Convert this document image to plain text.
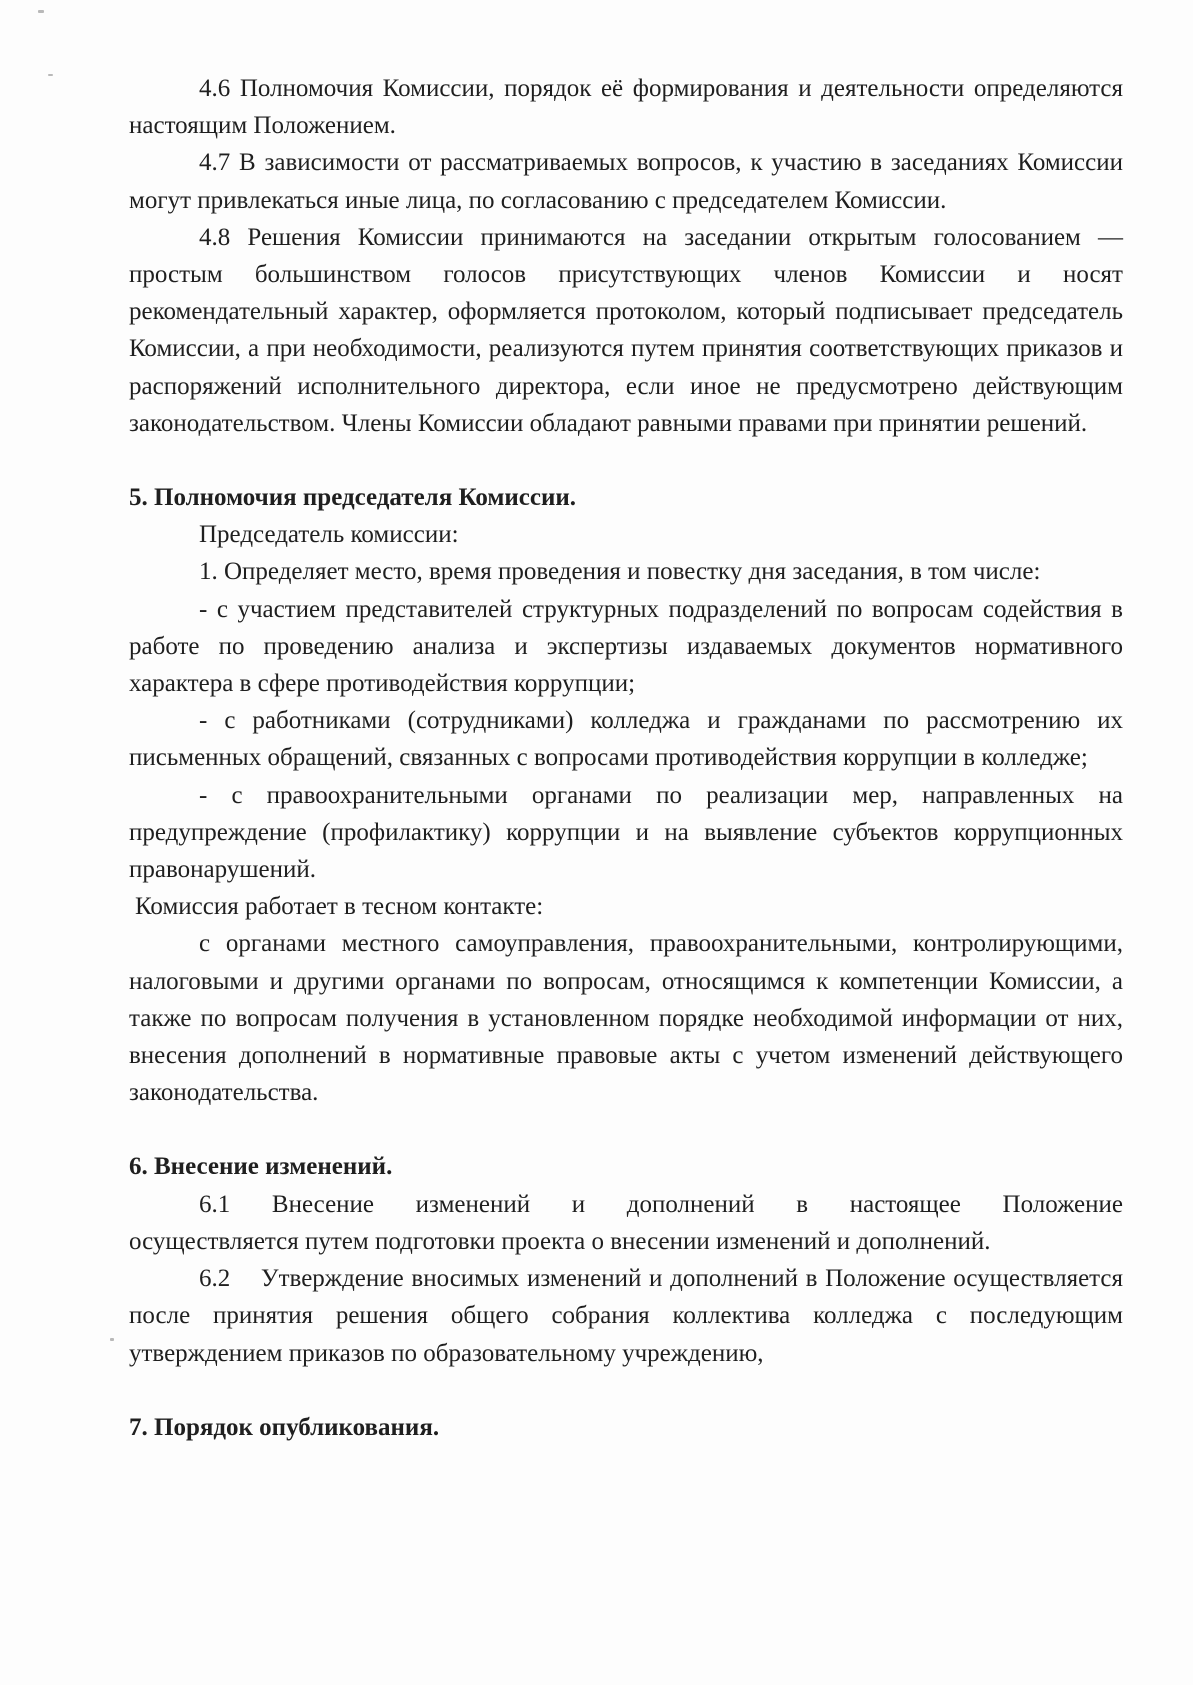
4.6 Полномочия Комиссии, порядок её формирования и деятельности определяются настоящим Положением.

4.7 В зависимости от рассматриваемых вопросов, к участию в заседаниях Комиссии могут привлекаться иные лица, по согласованию с председателем Комиссии.

4.8 Решения Комиссии принимаются на заседании открытым голосованием —простым большинством голосов присутствующих членов Комиссии и носят рекомендательный характер, оформляется протоколом, который подписывает председатель Комиссии, а при необходимости, реализуются путем принятия соответствующих приказов и распоряжений исполнительного директора, если иное не предусмотрено действующим законодательством. Члены Комиссии обладают равными правами при принятии решений.

5. Полномочия председателя Комиссии.

Председатель комиссии:

1. Определяет место, время проведения и повестку дня заседания, в том числе:

- с участием представителей структурных подразделений по вопросам содействия в работе по проведению анализа и экспертизы издаваемых документов нормативного характера в сфере противодействия коррупции;

- с работниками (сотрудниками) колледжа и гражданами по рассмотрению их письменных обращений, связанных с вопросами противодействия коррупции в колледже;

- с правоохранительными органами по реализации мер, направленных на предупреждение (профилактику) коррупции и на выявление субъектов коррупционных правонарушений.

Комиссия работает в тесном контакте:

с органами местного самоуправления, правоохранительными, контролирующими, налоговыми и другими органами по вопросам, относящимся к компетенции Комиссии, а также по вопросам получения в установленном порядке необходимой информации от них, внесения дополнений в нормативные правовые акты с учетом изменений действующего законодательства.

6. Внесение изменений.

6.1   Внесение   изменений   и   дополнений   в   настоящее   Положение осуществляется путем подготовки проекта о внесении изменений и дополнений.

6.2    Утверждение вносимых изменений и дополнений в Положение осуществляется после принятия решения общего собрания коллектива колледжа с последующим утверждением приказов по образовательному учреждению,

7. Порядок опубликования.
